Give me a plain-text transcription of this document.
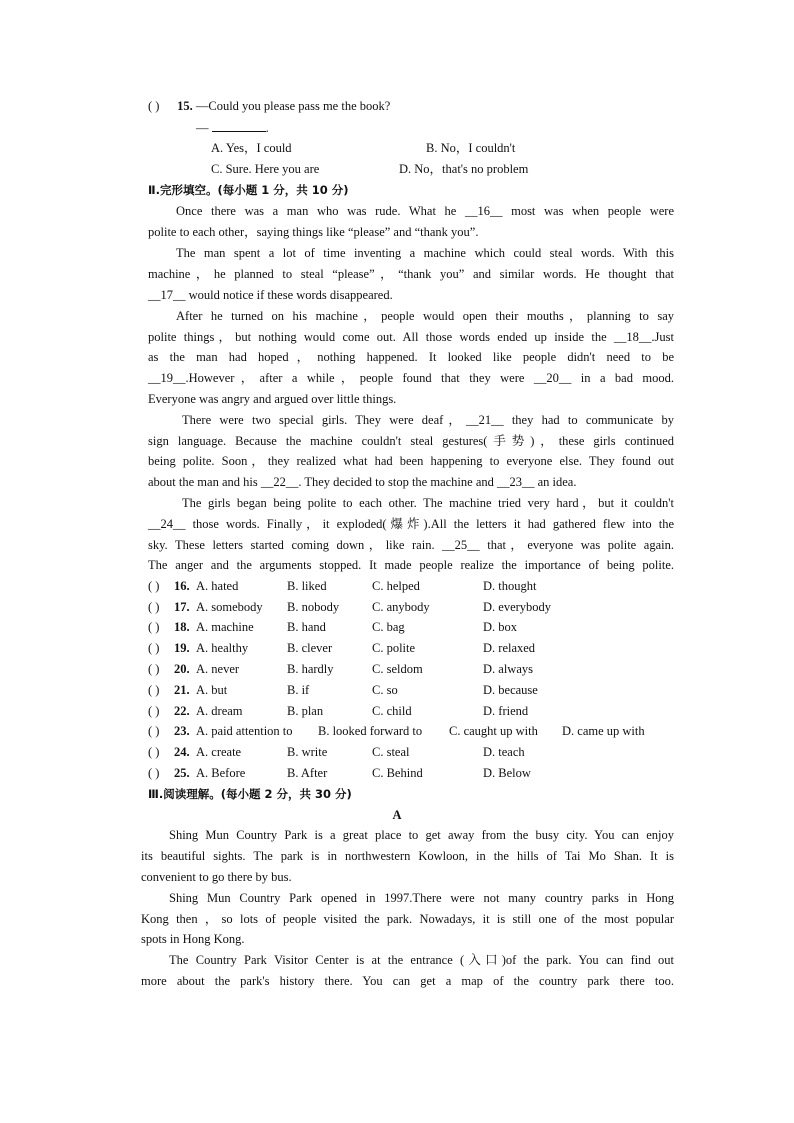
( ) 15. —Could you please pass me the book?
—	.
A. Yes，I could	B. No，I couldn't
C. Sure. Here you are	D. No，that's no problem
Ⅱ.完形填空。(每小题 1 分，共 10 分)
Once there was a man who was rude. What he __16__ most was when people were
polite to each other，saying things like “please” and “thank you”.
The man spent a lot of time inventing a machine which could steal words. With this
machine，he planned to steal “please”，“thank you” and similar words. He thought that
__17__ would notice if these words disappeared.
After he turned on his machine，people would open their mouths，planning to say
polite things，but nothing would come out. All those words ended up inside the __18__.Just
as the man had hoped，nothing happened. It looked like people didn't need to be
__19__.However，after a while，people found that they were __20__ in a bad mood.
Everyone was angry and argued over little things.
There were two special girls. They were deaf，__21__ they had to communicate by
sign language. Because the machine couldn't steal gestures(手势)，these girls continued
being polite. Soon，they realized what had been happening to everyone else. They found out
about the man and his __22__. They decided to stop the machine and __23__ an idea.
The girls began being polite to each other. The machine tried very hard，but it couldn't
__24__ those words. Finally，it exploded(爆炸).All the letters it had gathered flew into the
sky. These letters started coming down，like rain. __25__ that，everyone was polite again.
The anger and the arguments stopped. It made people realize the importance of being polite.
( ) 16. A. hated	B. liked	C. helped	D. thought
( ) 17. A. somebody B. nobody	C. anybody	D. everybody
( ) 18. A. machine	B. hand	C. bag	D. box
( ) 19. A. healthy	B. clever	C. polite	D. relaxed
( ) 20. A. never	B. hardly	C. seldom	D. always
( ) 21. A. but	B. if	C. so	D. because
( ) 22. A. dream	B. plan	C. child	D. friend
( ) 23. A. paid attention to B. looked forward to C. caught up with D. came up with
( ) 24. A. create	B. write	C. steal	D. teach
( ) 25. A. Before	B. After	C. Behind	D. Below
Ⅲ.阅读理解。(每小题 2 分，共 30 分)
A
Shing Mun Country Park is a great place to get away from the busy city. You can enjoy
its beautiful sights. The park is in northwestern Kowloon, in the hills of Tai Mo Shan. It is
convenient to go there by bus.
Shing Mun Country Park opened in 1997.There were not many country parks in Hong
Kong then ，so lots of people visited the park. Nowadays, it is still one of the most popular
spots in Hong Kong.
The Country Park Visitor Center is at the entrance (入口)of the park. You can find out
more about the park's history there. You can get a map of the country park there too.
